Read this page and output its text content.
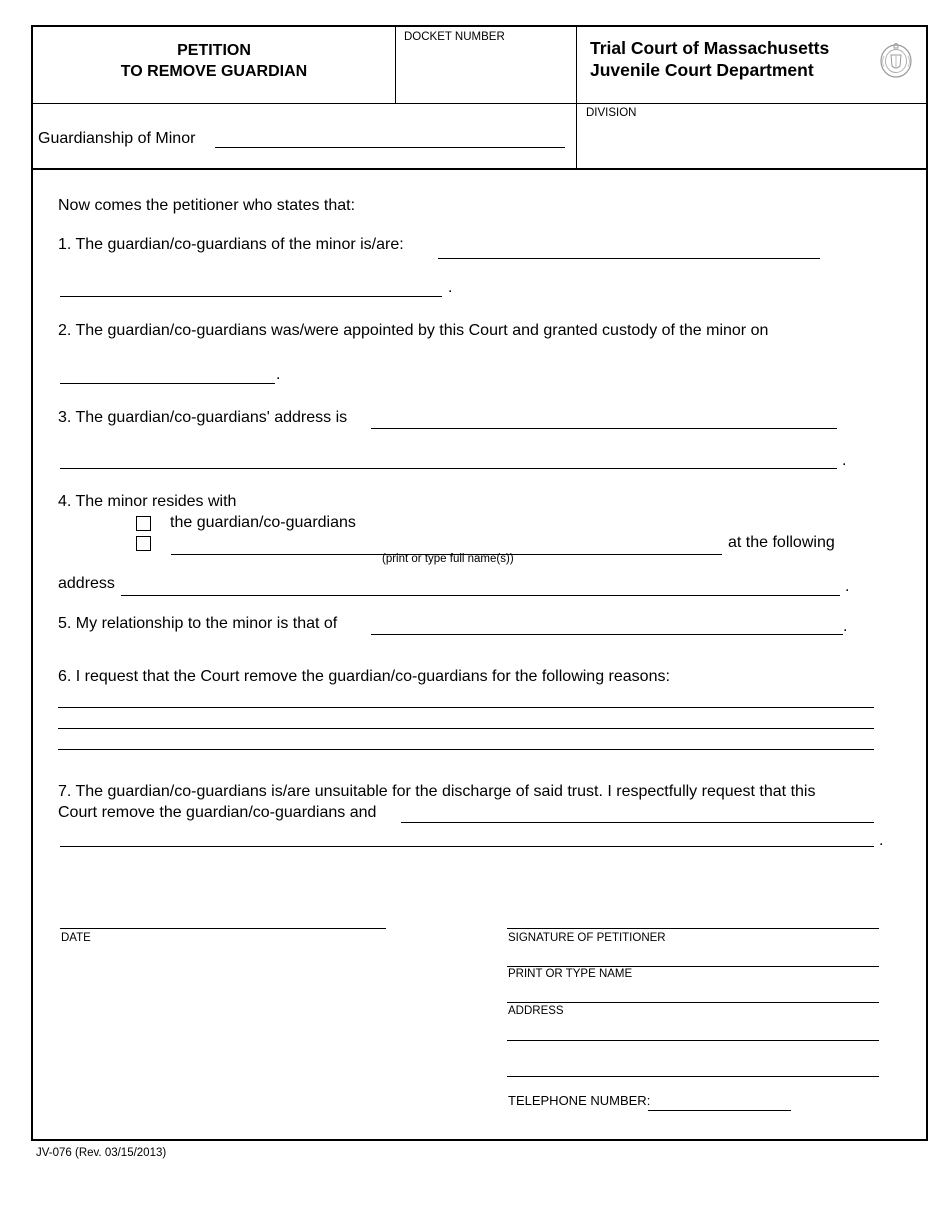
PETITION
TO REMOVE GUARDIAN
DOCKET NUMBER
Trial Court of Massachusetts
Juvenile Court Department
Guardianship of Minor
DIVISION
Now comes the petitioner who states that:
1. The guardian/co-guardians of the minor is/are:
.
2. The guardian/co-guardians was/were appointed by this Court and granted custody of the minor on
.
3. The guardian/co-guardians' address is
.
4. The minor resides with
the guardian/co-guardians
at the following
(print or type full name(s))
address	.
5. My relationship to the minor is that of	.
6. I request that the Court remove the guardian/co-guardians for the following reasons:
7. The guardian/co-guardians is/are unsuitable for the discharge of said trust. I respectfully request that this
Court remove the guardian/co-guardians and
.
DATE	SIGNATURE OF PETITIONER
PRINT OR TYPE NAME
ADDRESS
TELEPHONE NUMBER:
JV-076 (Rev. 03/15/2013)
